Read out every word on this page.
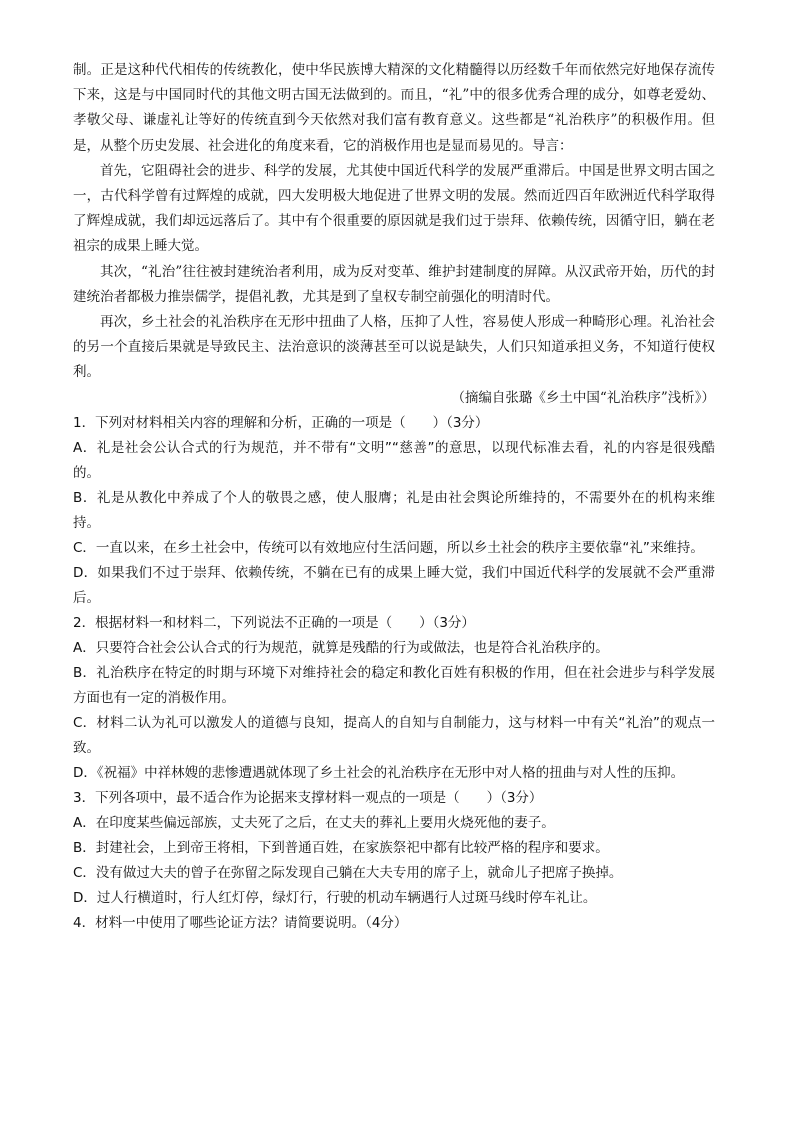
制。正是这种代代相传的传统教化，使中华民族博大精深的文化精髓得以历经数千年而依然完好地保存流传下来，这是与中国同时代的其他文明古国无法做到的。而且，“礼”中的很多优秀合理的成分，如尊老爱幼、孝敬父母、谦虚礼让等好的传统直到今天依然对我们富有教育意义。这些都是“礼治秩序”的积极作用。但是，从整个历史发展、社会进化的角度来看，它的消极作用也是显而易见的。导言：

首先，它阻碍社会的进步、科学的发展，尤其使中国近代科学的发展严重滞后。中国是世界文明古国之一，古代科学曾有过辉煌的成就，四大发明极大地促进了世界文明的发展。然而近四百年欧洲近代科学取得了辉煌成就，我们却远远落后了。其中有个很重要的原因就是我们过于崇拜、依赖传统，因循守旧，躺在老祖宗的成果上睡大觉。

其次，“礼治”往往被封建统治者利用，成为反对变革、维护封建制度的屏障。从汉武帝开始，历代的封建统治者都极力推崇儒学，提倡礼教，尤其是到了皇权专制空前强化的明清时代。

再次，乡土社会的礼治秩序在无形中扭曲了人格，压抑了人性，容易使人形成一种畸形心理。礼治社会的另一个直接后果就是导致民主、法治意识的淡薄甚至可以说是缺失，人们只知道承担义务，不知道行使权利。

（摘编自张璐《乡土中国“礼治秩序”浅析》）

1．下列对材料相关内容的理解和分析，正确的一项是（　　）（3分）

A．礼是社会公认合式的行为规范，并不带有“文明”“慈善”的意思，以现代标准去看，礼的内容是很残酷的。

B．礼是从教化中养成了个人的敬畏之感，使人服膺；礼是由社会舆论所维持的，不需要外在的机构来维持。

C．一直以来，在乡土社会中，传统可以有效地应付生活问题，所以乡土社会的秩序主要依靠“礼”来维持。

D．如果我们不过于崇拜、依赖传统，不躺在已有的成果上睡大觉，我们中国近代科学的发展就不会严重滞后。

2．根据材料一和材料二，下列说法不正确的一项是（　　）（3分）

A．只要符合社会公认合式的行为规范，就算是残酷的行为或做法，也是符合礼治秩序的。

B．礼治秩序在特定的时期与环境下对维持社会的稳定和教化百姓有积极的作用，但在社会进步与科学发展方面也有一定的消极作用。

C．材料二认为礼可以激发人的道德与良知，提高人的自知与自制能力，这与材料一中有关“礼治”的观点一致。

D．《祝福》中祥林嫂的悲惨遭遇就体现了乡土社会的礼治秩序在无形中对人格的扭曲与对人性的压抑。

3．下列各项中，最不适合作为论据来支撑材料一观点的一项是（　　）（3分）

A．在印度某些偏远部族，丈夫死了之后，在丈夫的葬礼上要用火烧死他的妻子。

B．封建社会，上到帝王将相，下到普通百姓，在家族祭祀中都有比较严格的程序和要求。

C．没有做过大夫的曾子在弥留之际发现自己躺在大夫专用的席子上，就命儿子把席子换掉。

D．过人行横道时，行人红灯停，绿灯行，行驶的机动车辆遇行人过斑马线时停车礼让。

4．材料一中使用了哪些论证方法？请简要说明。（4分）
